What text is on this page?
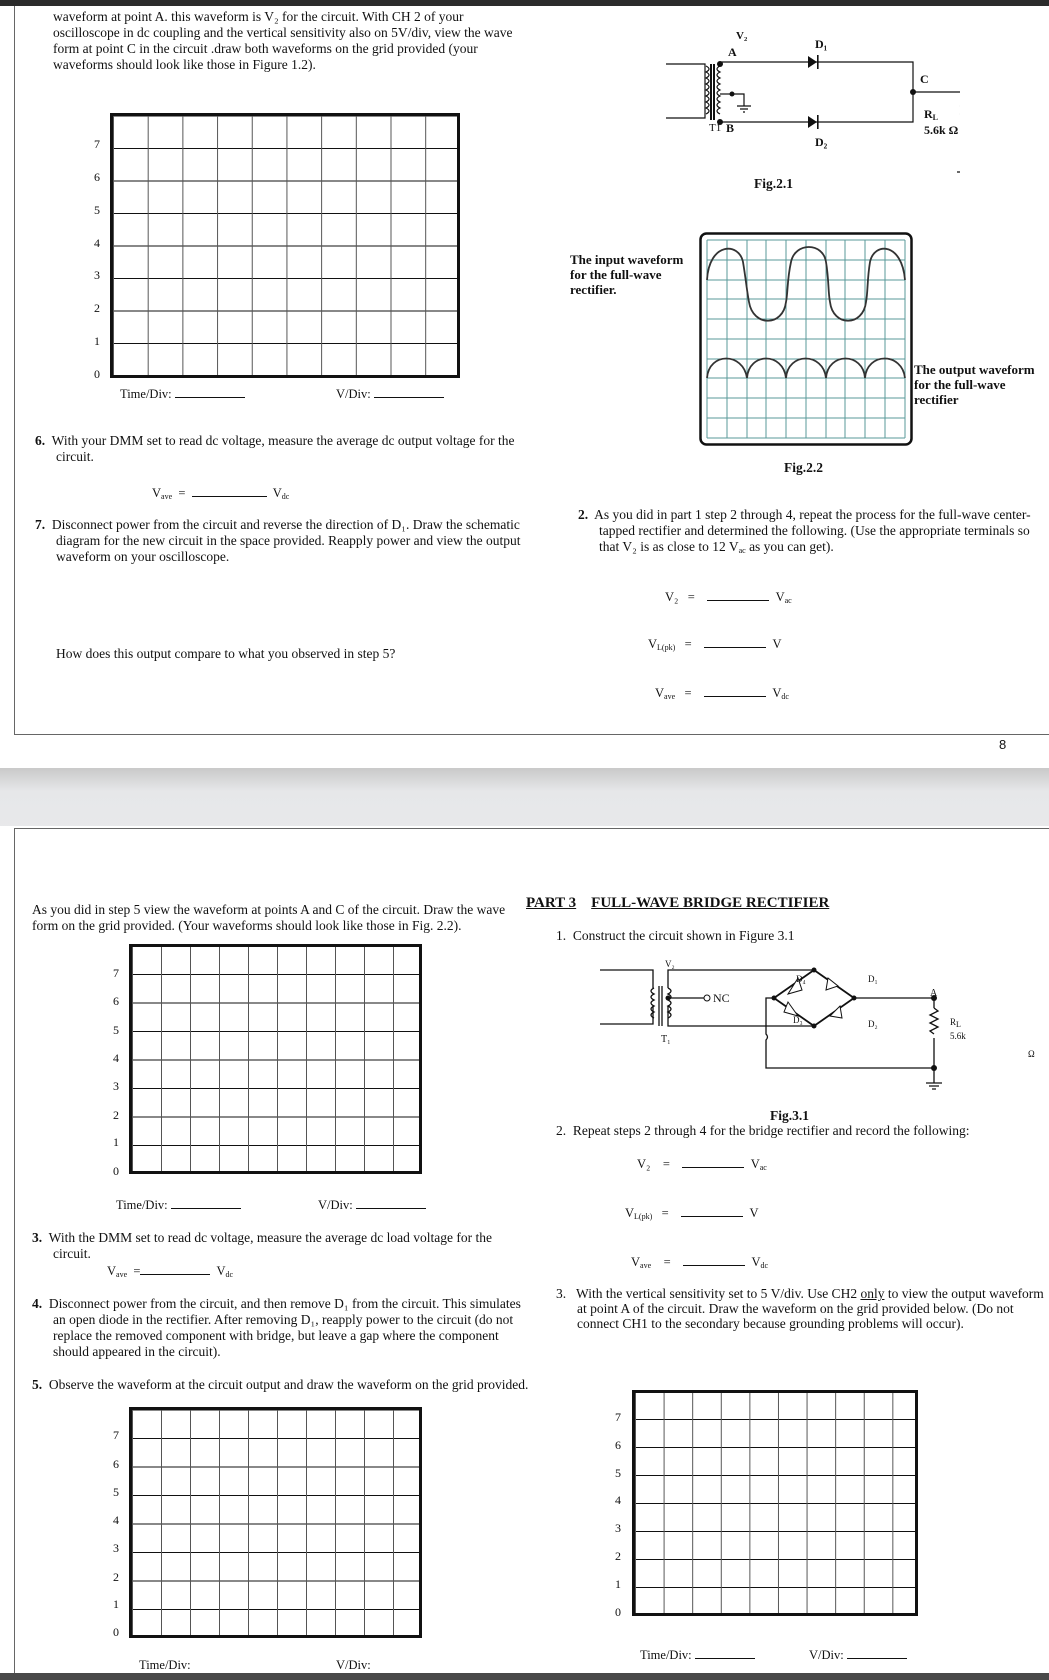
waveform at point A. this waveform is V₂ for the circuit. With CH 2 of your oscilloscope in dc coupling and the vertical sensitivity also on 5V/div, view the wave form at point C in the circuit .draw both waveforms on the grid provided (your waveforms should look like those in Figure 1.2).
7
6
5
4
3
2
1
0
Time/Div:	V/Div:
6. With your DMM set to read dc voltage, measure the average dc output voltage for the circuit.
$V_{ave}$ =	$V_{dc}$
7. Disconnect power from the circuit and reverse the direction of D₁. Draw the schematic diagram for the new circuit in the space provided. Reapply power and view the output waveform on your oscilloscope.
How does this output compare to what you observed in step 5?
V₂
A
B
T1
D₁
D₂
C
$R_L$
5.6k Ω
Fig.2.1
The input waveform for the full-wave rectifier.
The output waveform for the full-wave rectifier
Fig.2.2
2. As you did in part 1 step 2 through 4, repeat the process for the full-wave center-tapped rectifier and determined the following. (Use the appropriate terminals so that V₂ is as close to 12 $V_{ac}$ as you can get).
V₂ =	$V_{ac}$
$V_{L(pk)}$ =	V
$V_{ave}$ =	$V_{dc}$
8
As you did in step 5 view the waveform at points A and C of the circuit. Draw the wave form on the grid provided. (Your waveforms should look like those in Fig. 2.2).
7
6
5
4
3
2
1
0
Time/Div:	V/Div:
3. With the DMM set to read dc voltage, measure the average dc load voltage for the circuit.
$V_{ave}$ =	$V_{dc}$
4. Disconnect power from the circuit, and then remove D₁ from the circuit. This simulates an open diode in the rectifier. After removing D₁, reapply power to the circuit (do not replace the removed component with bridge, but leave a gap where the component should appeared in the circuit).
5. Observe the waveform at the circuit output and draw the waveform on the grid provided.
7
6
5
4
3
2
1
0
Time/Div:	V/Div:
PART 3 FULL-WAVE BRIDGE RECTIFIER
1. Construct the circuit shown in Figure 3.1
V₂
NC
T₁
D₄	D₁
D₃	D₂
A
$R_L$
5.6k
Ω
Fig.3.1
2. Repeat steps 2 through 4 for the bridge rectifier and record the following:
V₂ =	$V_{ac}$
$V_{L(pk)}$ =	V
$V_{ave}$ =	$V_{dc}$
3. With the vertical sensitivity set to 5 V/div. Use CH2 only to view the output waveform at point A of the circuit. Draw the waveform on the grid provided below. (Do not connect CH1 to the secondary because grounding problems will occur).
7
6
5
4
3
2
1
0
Time/Div:	V/Div:
